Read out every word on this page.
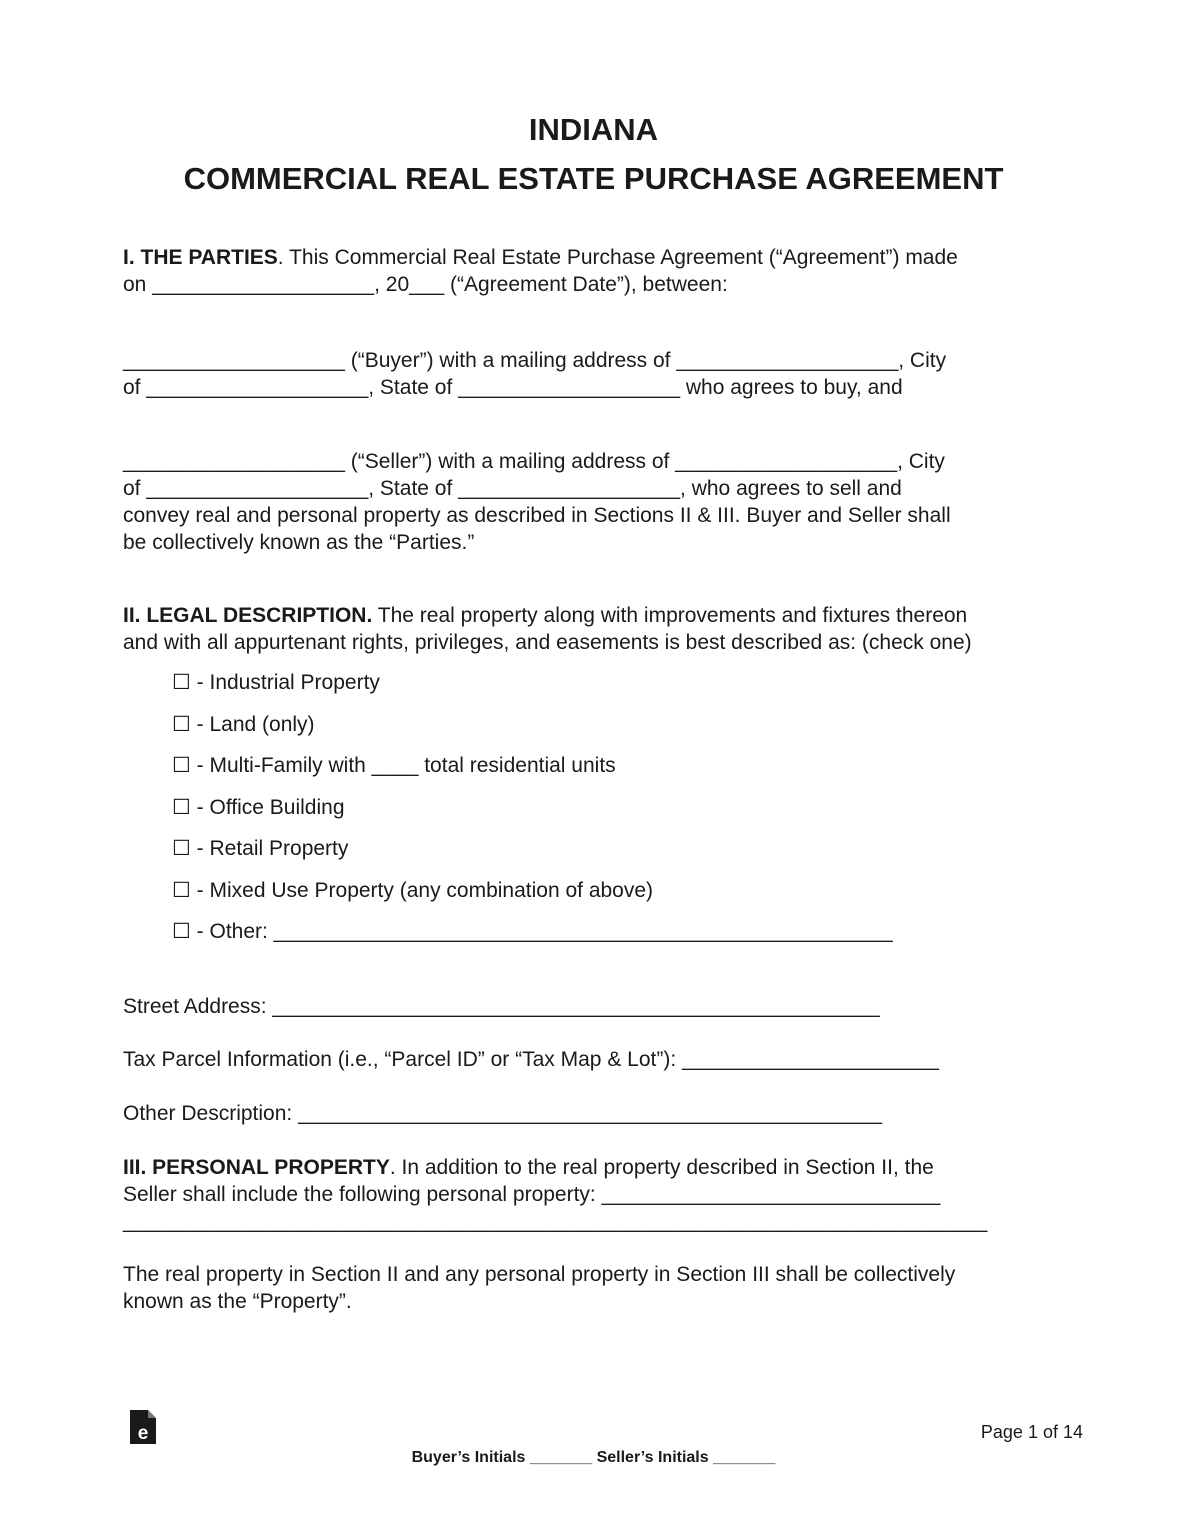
INDIANA
COMMERCIAL REAL ESTATE PURCHASE AGREEMENT

I. THE PARTIES. This Commercial Real Estate Purchase Agreement (“Agreement”) made
on ___________________, 20___ (“Agreement Date”), between:

___________________ (“Buyer”) with a mailing address of ___________________, City
of ___________________, State of ___________________ who agrees to buy, and

___________________ (“Seller”) with a mailing address of ___________________, City
of ___________________, State of ___________________, who agrees to sell and
convey real and personal property as described in Sections II & III. Buyer and Seller shall
be collectively known as the “Parties.”

II. LEGAL DESCRIPTION. The real property along with improvements and fixtures thereon
and with all appurtenant rights, privileges, and easements is best described as: (check one)

☐ - Industrial Property
☐ - Land (only)
☐ - Multi-Family with ____ total residential units
☐ - Office Building
☐ - Retail Property
☐ - Mixed Use Property (any combination of above)
☐ - Other: _____________________________________________________

Street Address: ____________________________________________________

Tax Parcel Information (i.e., “Parcel ID” or “Tax Map & Lot”): ______________________

Other Description: __________________________________________________

III. PERSONAL PROPERTY. In addition to the real property described in Section II, the
Seller shall include the following personal property: _____________________________
__________________________________________________________________________

The real property in Section II and any personal property in Section III shall be collectively
known as the “Property”.

e	Page 1 of 14
Buyer’s Initials _______ Seller’s Initials _______
